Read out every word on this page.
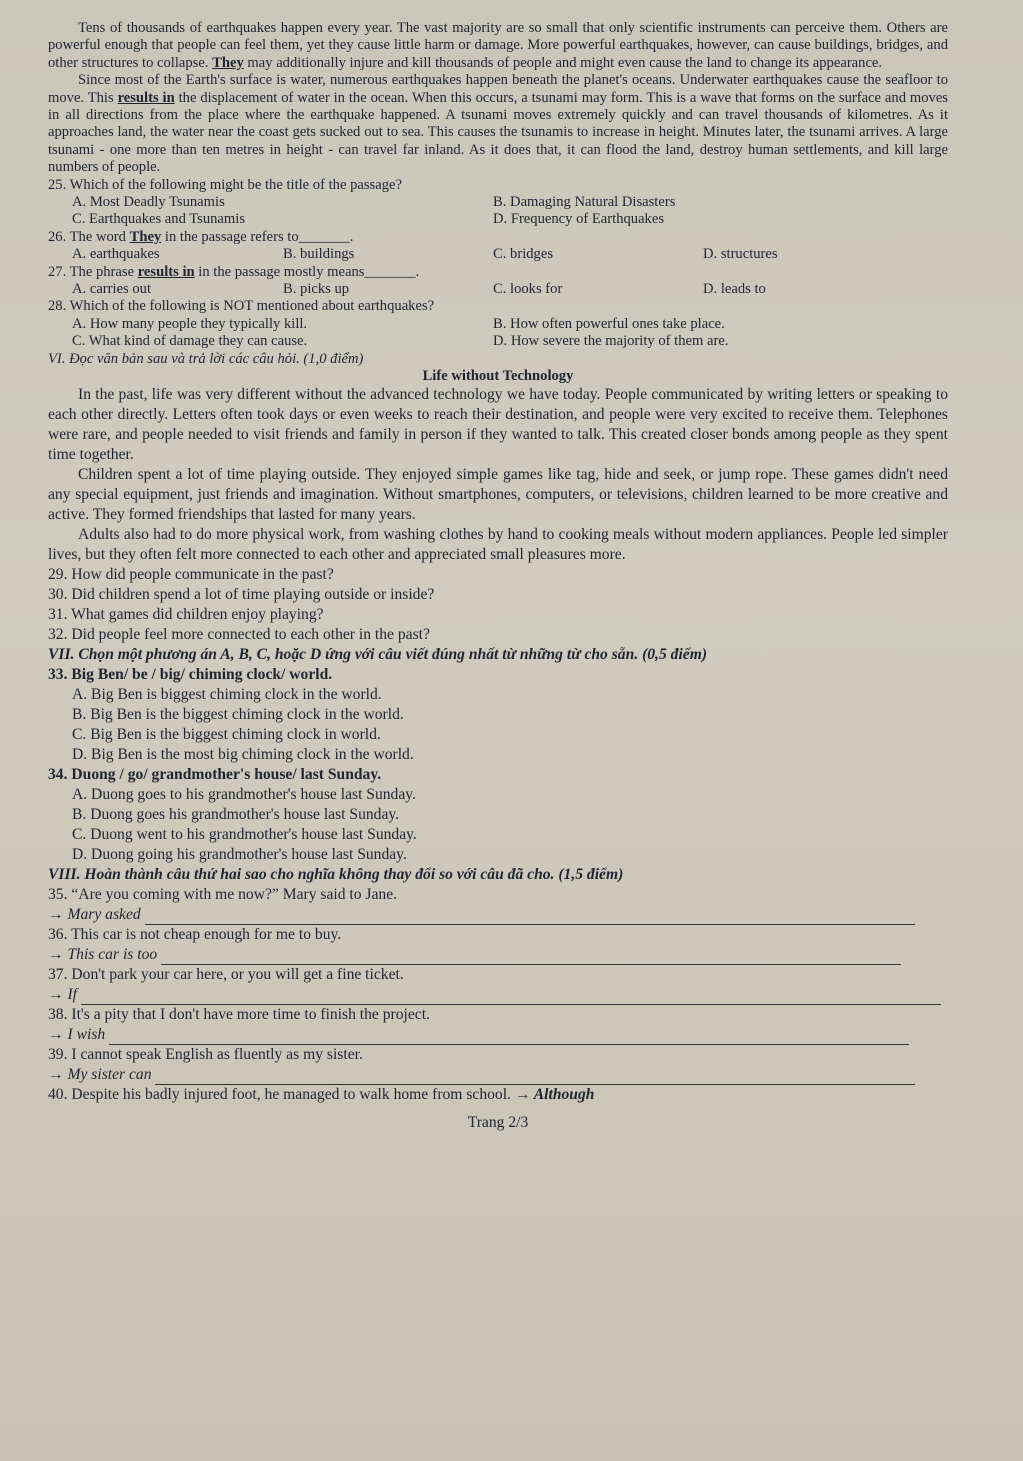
Tens of thousands of earthquakes happen every year. The vast majority are so small that only scientific instruments can perceive them. Others are powerful enough that people can feel them, yet they cause little harm or damage. More powerful earthquakes, however, can cause buildings, bridges, and other structures to collapse. They may additionally injure and kill thousands of people and might even cause the land to change its appearance.

Since most of the Earth's surface is water, numerous earthquakes happen beneath the planet's oceans. Underwater earthquakes cause the seafloor to move. This results in the displacement of water in the ocean. When this occurs, a tsunami may form. This is a wave that forms on the surface and moves in all directions from the place where the earthquake happened. A tsunami moves extremely quickly and can travel thousands of kilometres. As it approaches land, the water near the coast gets sucked out to sea. This causes the tsunamis to increase in height. Minutes later, the tsunami arrives. A large tsunami - one more than ten metres in height - can travel far inland. As it does that, it can flood the land, destroy human settlements, and kill large numbers of people.

25. Which of the following might be the title of the passage?

A. Most Deadly Tsunamis	B. Damaging Natural Disasters
C. Earthquakes and Tsunamis	D. Frequency of Earthquakes

26. The word They in the passage refers to_______.

A. earthquakes	B. buildings	C. bridges	D. structures

27. The phrase results in in the passage mostly means_______.

A. carries out	B. picks up	C. looks for	D. leads to

28. Which of the following is NOT mentioned about earthquakes?

A. How many people they typically kill.	B. How often powerful ones take place.
C. What kind of damage they can cause.	D. How severe the majority of them are.

VI. Đọc văn bản sau và trả lời các câu hỏi. (1,0 điểm)

Life without Technology

In the past, life was very different without the advanced technology we have today. People communicated by writing letters or speaking to each other directly. Letters often took days or even weeks to reach their destination, and people were very excited to receive them. Telephones were rare, and people needed to visit friends and family in person if they wanted to talk. This created closer bonds among people as they spent time together.

Children spent a lot of time playing outside. They enjoyed simple games like tag, hide and seek, or jump rope. These games didn't need any special equipment, just friends and imagination. Without smartphones, computers, or televisions, children learned to be more creative and active. They formed friendships that lasted for many years.

Adults also had to do more physical work, from washing clothes by hand to cooking meals without modern appliances. People led simpler lives, but they often felt more connected to each other and appreciated small pleasures more.

29. How did people communicate in the past?

30. Did children spend a lot of time playing outside or inside?

31. What games did children enjoy playing?

32. Did people feel more connected to each other in the past?

VII. Chọn một phương án A, B, C, hoặc D ứng với câu viết đúng nhất từ những từ cho sẵn. (0,5 điểm)

33. Big Ben/ be / big/ chiming clock/ world.

A. Big Ben is biggest chiming clock in the world.

B. Big Ben is the biggest chiming clock in the world.

C. Big Ben is the biggest chiming clock in world.

D. Big Ben is the most big chiming clock in the world.

34. Duong / go/ grandmother's house/ last Sunday.

A. Duong goes to his grandmother's house last Sunday.

B. Duong goes his grandmother's house last Sunday.

C. Duong went to his grandmother's house last Sunday.

D. Duong going his grandmother's house last Sunday.

VIII. Hoàn thành câu thứ hai sao cho nghĩa không thay đổi so với câu đã cho. (1,5 điểm)

35. “Are you coming with me now?” Mary said to Jane.

→ Mary asked

36. This car is not cheap enough for me to buy.

→ This car is too

37. Don't park your car here, or you will get a fine ticket.

→ If

38. It's a pity that I don't have more time to finish the project.

→ I wish

39. I cannot speak English as fluently as my sister.

→ My sister can

40. Despite his badly injured foot, he managed to walk home from school. → Although

Trang 2/3
